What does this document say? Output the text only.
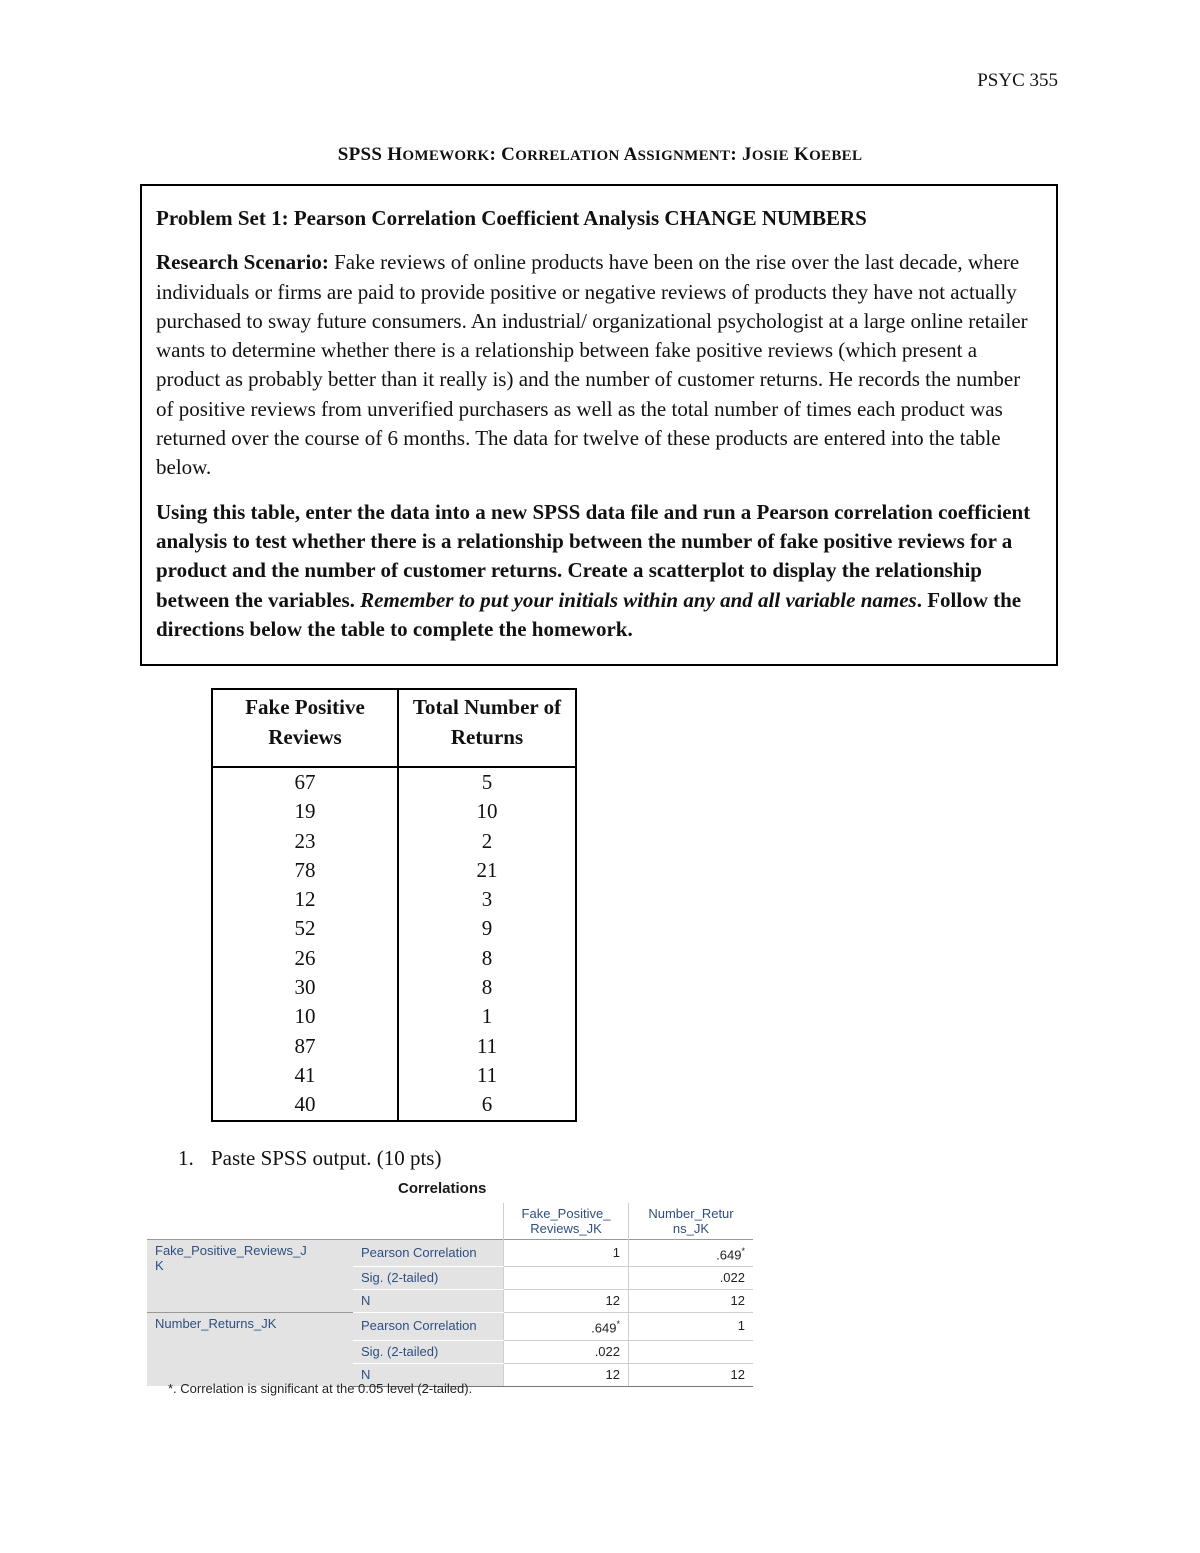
PSYC 355
SPSS HOMEWORK: CORRELATION ASSIGNMENT: JOSIE KOEBEL

Problem Set 1: Pearson Correlation Coefficient Analysis CHANGE NUMBERS

Research Scenario: Fake reviews of online products have been on the rise over the last decade, where individuals or firms are paid to provide positive or negative reviews of products they have not actually purchased to sway future consumers. An industrial/ organizational psychologist at a large online retailer wants to determine whether there is a relationship between fake positive reviews (which present a product as probably better than it really is) and the number of customer returns. He records the number of positive reviews from unverified purchasers as well as the total number of times each product was returned over the course of 6 months. The data for twelve of these products are entered into the table below.

Using this table, enter the data into a new SPSS data file and run a Pearson correlation coefficient analysis to test whether there is a relationship between the number of fake positive reviews for a product and the number of customer returns. Create a scatterplot to display the relationship between the variables. Remember to put your initials within any and all variable names. Follow the directions below the table to complete the homework.

Fake Positive Reviews	Total Number of Returns
67	5
19	10
23	2
78	21
12	3
52	9
26	8
30	8
10	1
87	11
41	11
40	6
1. Paste SPSS output. (10 pts)
Correlations
		Fake_Positive_
Reviews_JK	Number_Retur
ns_JK
Fake_Positive_Reviews_J
K	Pearson Correlation	1	.649*
	Sig. (2-tailed)		.022
	N	12	12
Number_Returns_JK	Pearson Correlation	.649*	1
	Sig. (2-tailed)	.022	
	N	12	12
*. Correlation is significant at the 0.05 level (2-tailed).
